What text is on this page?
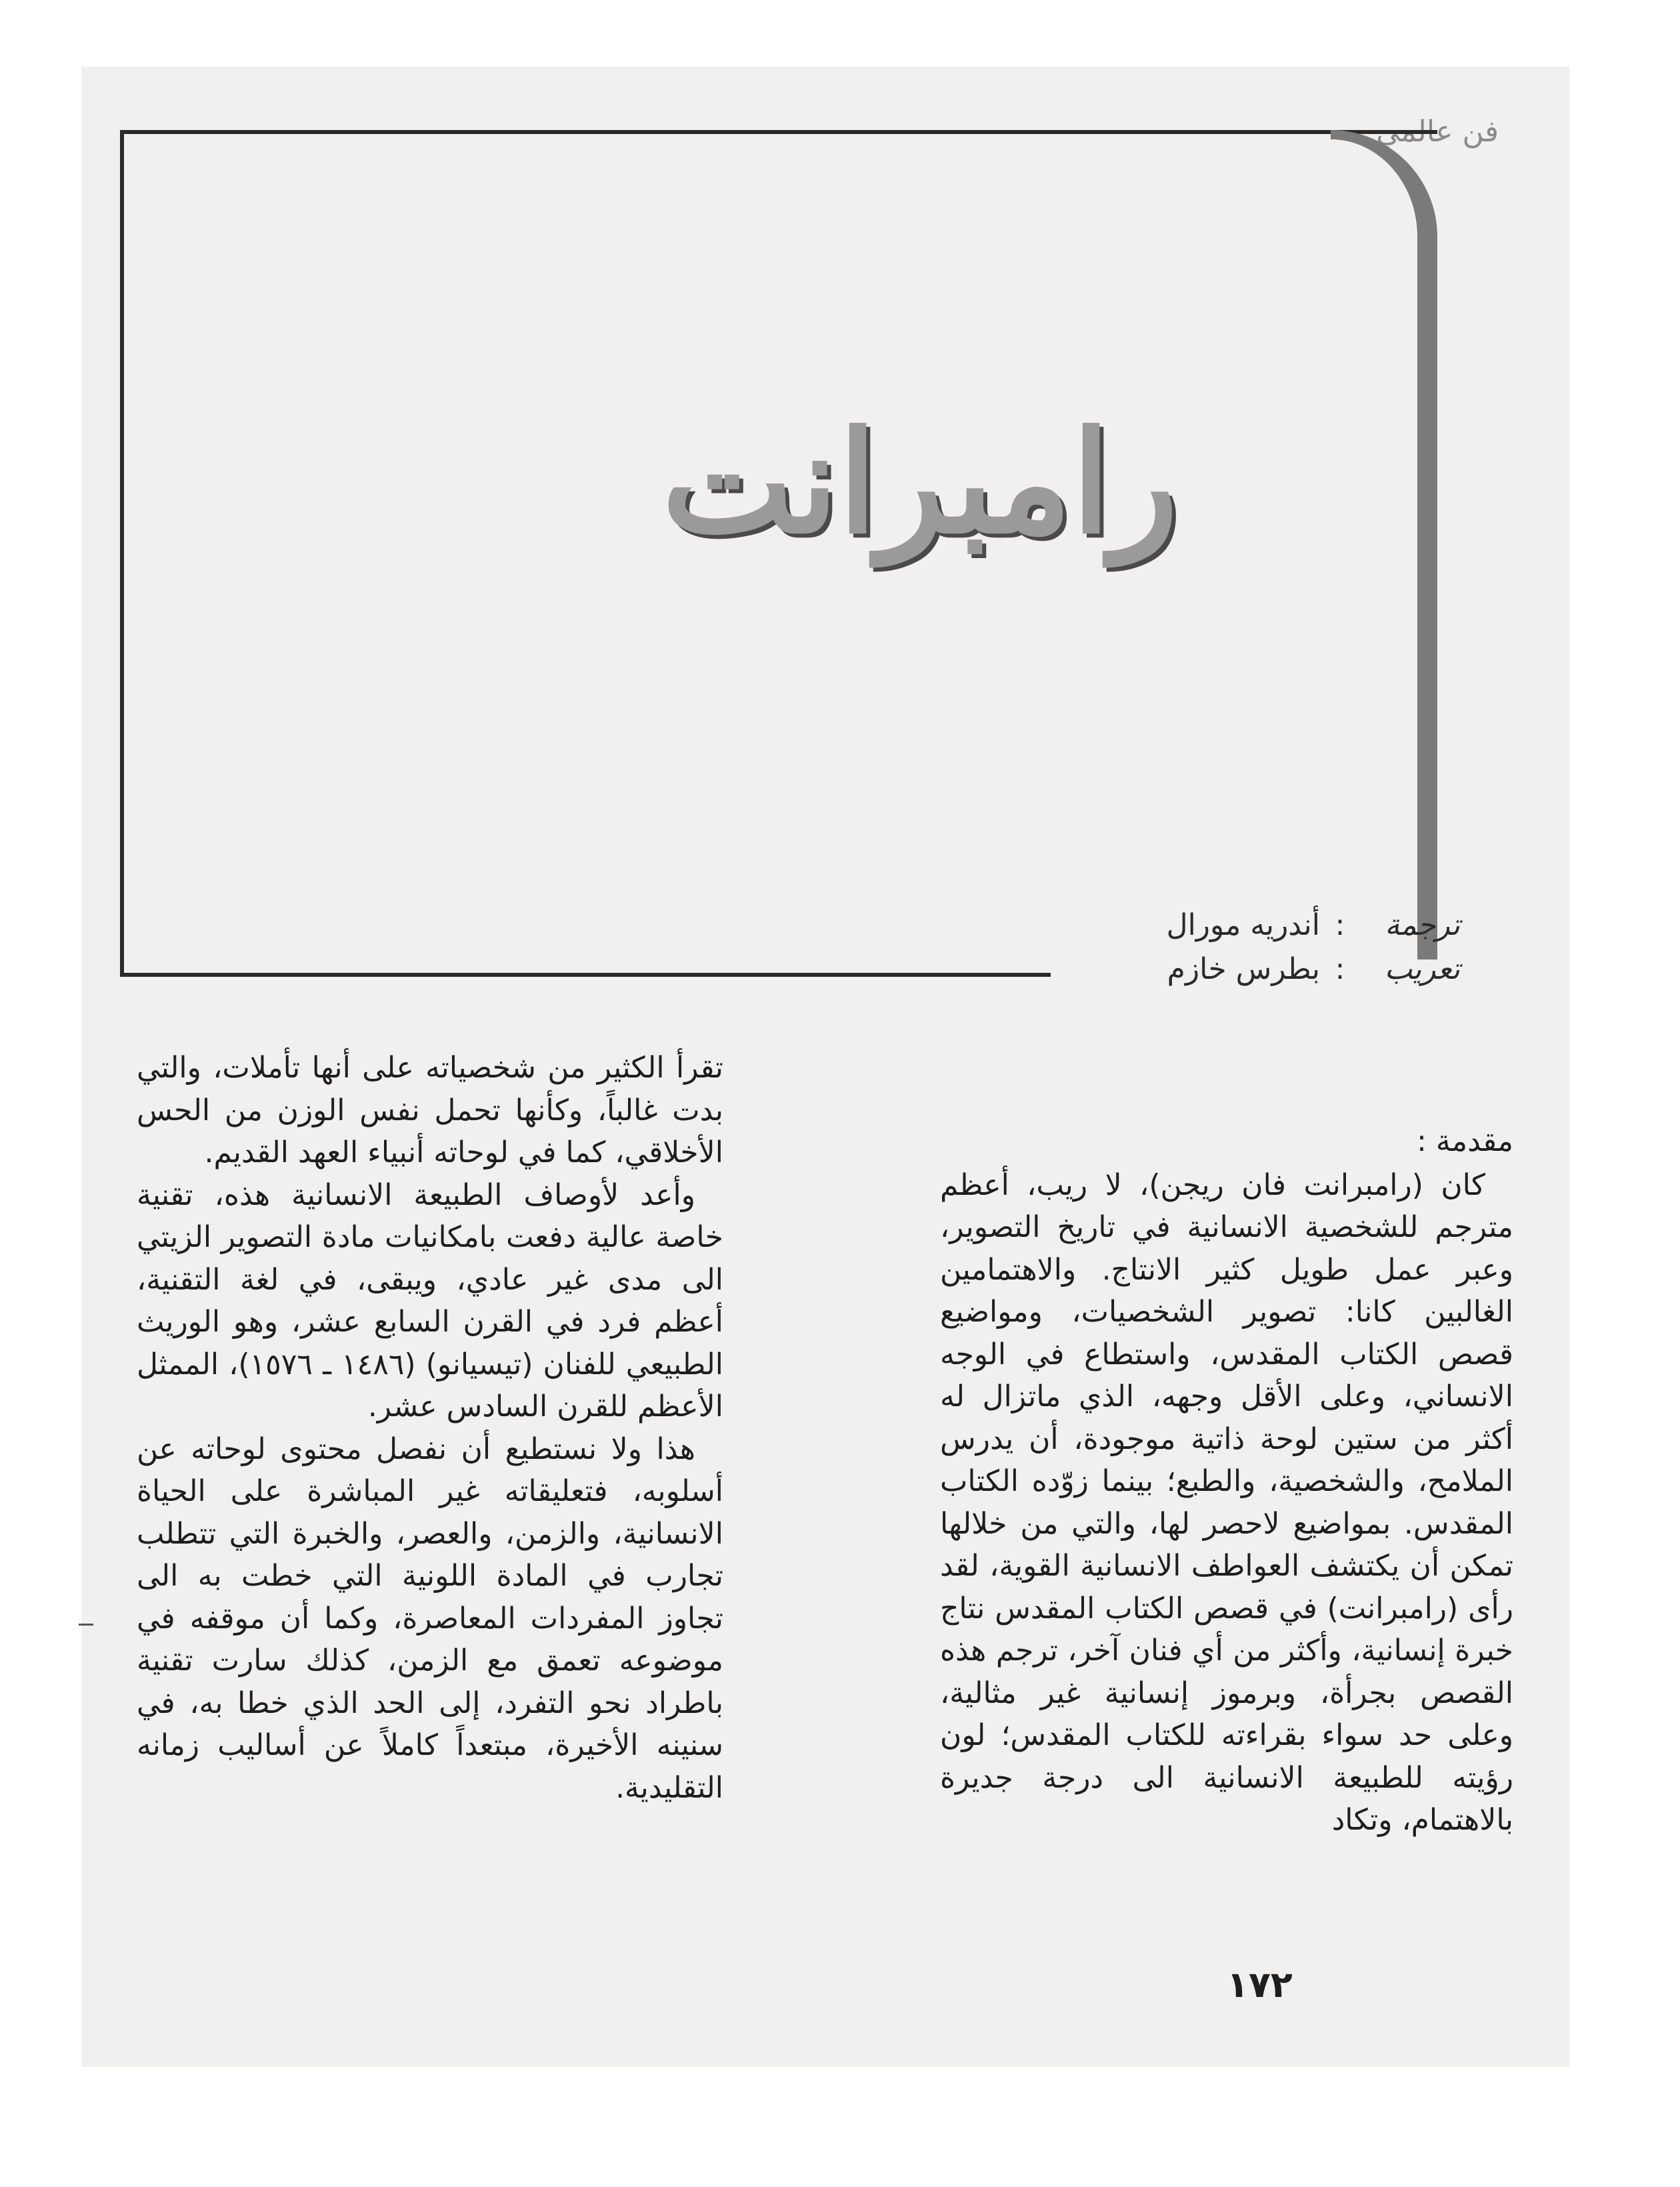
فن عالمي
رامبرانت
ترجمة:أندريه مورال
تعريب:بطرس خازم
مقدمة :

كان (رامبرانت فان ريجن)، لا ريب، أعظم مترجم للشخصية الانسانية في تاريخ التصوير، وعبر عمل طويل كثير الانتاج. والاهتمامين الغالبين كانا: تصوير الشخصيات، ومواضيع قصص الكتاب المقدس، واستطاع في الوجه الانساني، وعلى الأقل وجهه، الذي ماتزال له أكثر من ستين لوحة ذاتية موجودة، أن يدرس الملامح، والشخصية، والطبع؛ بينما زوّده الكتاب المقدس. بمواضيع لاحصر لها، والتي من خلالها تمكن أن يكتشف العواطف الانسانية القوية، لقد رأى (رامبرانت) في قصص الكتاب المقدس نتاج خبرة إنسانية، وأكثر من أي فنان آخر، ترجم هذه القصص بجرأة، وبرموز إنسانية غير مثالية، وعلى حد سواء بقراءته للكتاب المقدس؛ لون رؤيته للطبيعة الانسانية الى درجة جديرة بالاهتمام، وتكاد

تقرأ الكثير من شخصياته على أنها تأملات، والتي بدت غالباً، وكأنها تحمل نفس الوزن من الحس الأخلاقي، كما في لوحاته أنبياء العهد القديم.

وأعد لأوصاف الطبيعة الانسانية هذه، تقنية خاصة عالية دفعت بامكانيات مادة التصوير الزيتي الى مدى غير عادي، ويبقى، في لغة التقنية، أعظم فرد في القرن السابع عشر، وهو الوريث الطبيعي للفنان (تيسيانو) (١٤٨٦ ـ ١٥٧٦)، الممثل الأعظم للقرن السادس عشر.

هذا ولا نستطيع أن نفصل محتوى لوحاته عن أسلوبه، فتعليقاته غير المباشرة على الحياة الانسانية، والزمن، والعصر، والخبرة التي تتطلب تجارب في المادة اللونية التي خطت به الى تجاوز المفردات المعاصرة، وكما أن موقفه في موضوعه تعمق مع الزمن، كذلك سارت تقنية باطراد نحو التفرد، إلى الحد الذي خطا به، في سنينه الأخيرة، مبتعداً كاملاً عن أساليب زمانه التقليدية.

١٧٢
